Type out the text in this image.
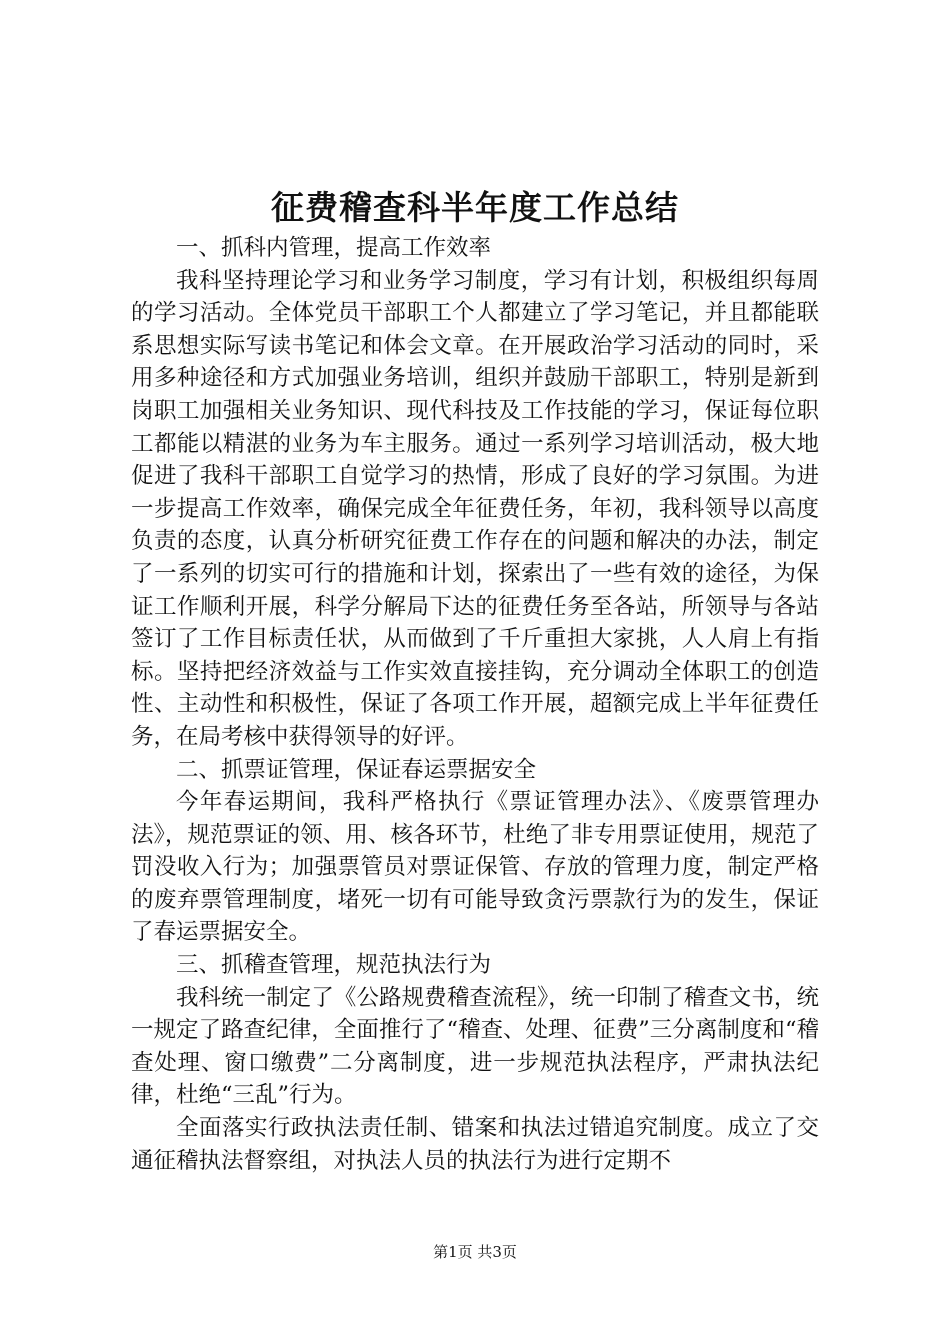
征费稽查科半年度工作总结

一、抓科内管理，提高工作效率

我科坚持理论学习和业务学习制度，学习有计划，积极组织每周的学习活动。全体党员干部职工个人都建立了学习笔记，并且都能联系思想实际写读书笔记和体会文章。在开展政治学习活动的同时，采用多种途径和方式加强业务培训，组织并鼓励干部职工，特别是新到岗职工加强相关业务知识、现代科技及工作技能的学习，保证每位职工都能以精湛的业务为车主服务。通过一系列学习培训活动，极大地促进了我科干部职工自觉学习的热情，形成了良好的学习氛围。为进一步提高工作效率，确保完成全年征费任务，年初，我科领导以高度负责的态度，认真分析研究征费工作存在的问题和解决的办法，制定了一系列的切实可行的措施和计划，探索出了一些有效的途径，为保证工作顺利开展，科学分解局下达的征费任务至各站，所领导与各站签订了工作目标责任状，从而做到了千斤重担大家挑，人人肩上有指标。坚持把经济效益与工作实效直接挂钩，充分调动全体职工的创造性、主动性和积极性，保证了各项工作开展，超额完成上半年征费任务，在局考核中获得领导的好评。

二、抓票证管理，保证春运票据安全

今年春运期间，我科严格执行《票证管理办法》、《废票管理办法》，规范票证的领、用、核各环节，杜绝了非专用票证使用，规范了罚没收入行为；加强票管员对票证保管、存放的管理力度，制定严格的废弃票管理制度，堵死一切有可能导致贪污票款行为的发生，保证了春运票据安全。

三、抓稽查管理，规范执法行为

我科统一制定了《公路规费稽查流程》，统一印制了稽查文书，统一规定了路查纪律，全面推行了“稽查、处理、征费”三分离制度和“稽查处理、窗口缴费”二分离制度，进一步规范执法程序，严肃执法纪律，杜绝“三乱”行为。

全面落实行政执法责任制、错案和执法过错追究制度。成立了交通征稽执法督察组，对执法人员的执法行为进行定期不

第1页 共3页
